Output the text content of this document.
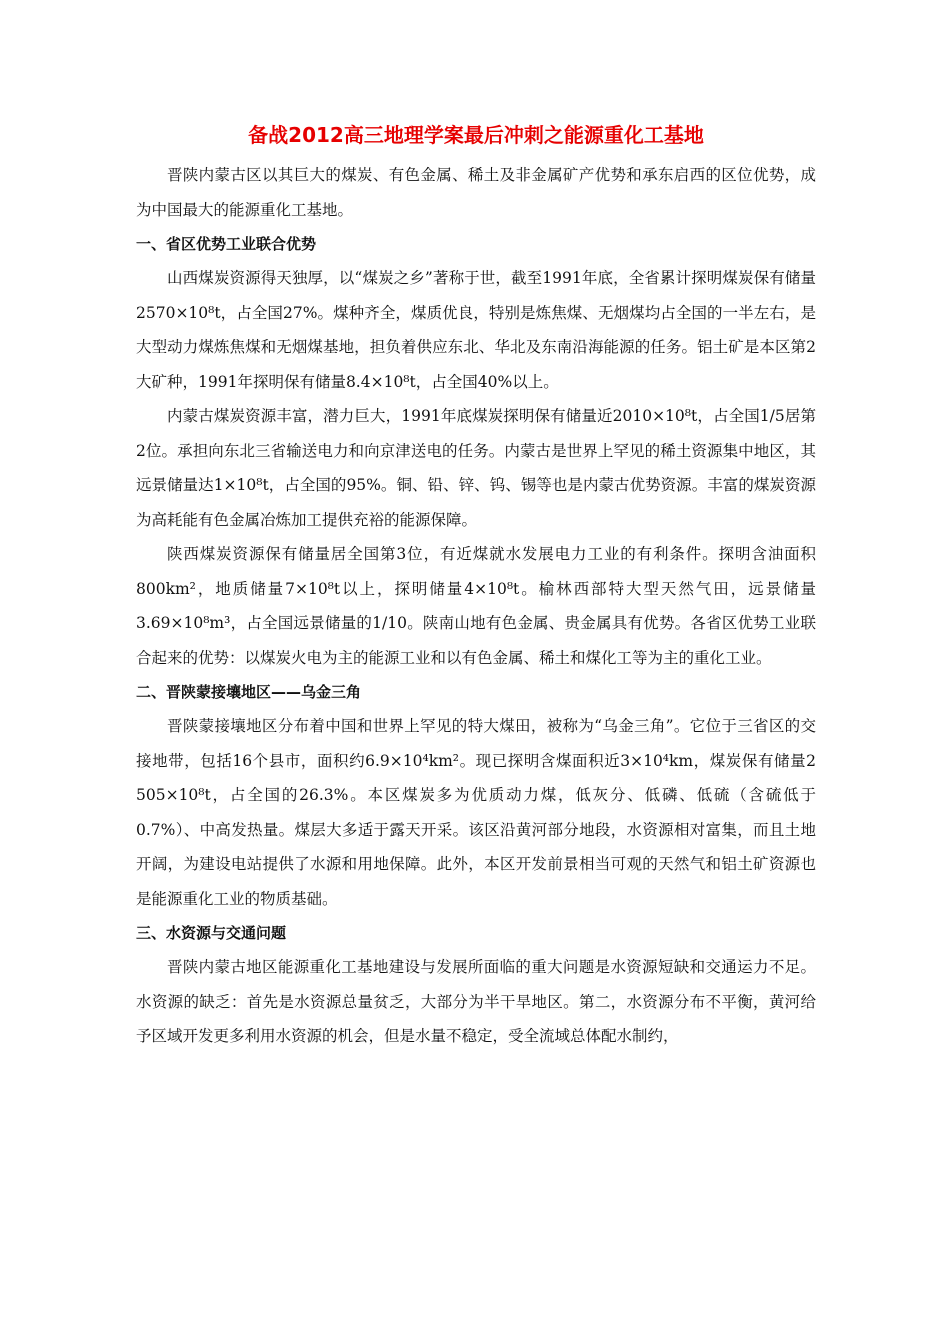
备战2012高三地理学案最后冲刺之能源重化工基地

晋陕内蒙古区以其巨大的煤炭、有色金属、稀土及非金属矿产优势和承东启西的区位优势，成为中国最大的能源重化工基地。

一、省区优势工业联合优势

山西煤炭资源得天独厚，以“煤炭之乡”著称于世，截至1991年底，全省累计探明煤炭保有储量2570×10⁸t，占全国27%。煤种齐全，煤质优良，特别是炼焦煤、无烟煤均占全国的一半左右，是大型动力煤炼焦煤和无烟煤基地，担负着供应东北、华北及东南沿海能源的任务。铝土矿是本区第2大矿种，1991年探明保有储量8.4×10⁸t，占全国40%以上。

内蒙古煤炭资源丰富，潜力巨大，1991年底煤炭探明保有储量近2010×10⁸t，占全国1/5居第2位。承担向东北三省输送电力和向京津送电的任务。内蒙古是世界上罕见的稀土资源集中地区，其远景储量达1×10⁸t，占全国的95%。铜、铅、锌、钨、锡等也是内蒙古优势资源。丰富的煤炭资源为高耗能有色金属冶炼加工提供充裕的能源保障。

陕西煤炭资源保有储量居全国第3位，有近煤就水发展电力工业的有利条件。探明含油面积800km²，地质储量7×10⁸t以上，探明储量4×10⁸t。榆林西部特大型天然气田，远景储量3.69×10⁸m³，占全国远景储量的1/10。陕南山地有色金属、贵金属具有优势。各省区优势工业联合起来的优势：以煤炭火电为主的能源工业和以有色金属、稀土和煤化工等为主的重化工业。

二、晋陕蒙接壤地区——乌金三角

晋陕蒙接壤地区分布着中国和世界上罕见的特大煤田，被称为“乌金三角”。它位于三省区的交接地带，包括16个县市，面积约6.9×10⁴km²。现已探明含煤面积近3×10⁴km，煤炭保有储量2 505×10⁸t，占全国的26.3%。本区煤炭多为优质动力煤，低灰分、低磷、低硫（含硫低于0.7%）、中高发热量。煤层大多适于露天开采。该区沿黄河部分地段，水资源相对富集，而且土地开阔，为建设电站提供了水源和用地保障。此外，本区开发前景相当可观的天然气和铝土矿资源也是能源重化工业的物质基础。

三、水资源与交通问题

晋陕内蒙古地区能源重化工基地建设与发展所面临的重大问题是水资源短缺和交通运力不足。水资源的缺乏：首先是水资源总量贫乏，大部分为半干旱地区。第二，水资源分布不平衡，黄河给予区域开发更多利用水资源的机会，但是水量不稳定，受全流域总体配水制约，
